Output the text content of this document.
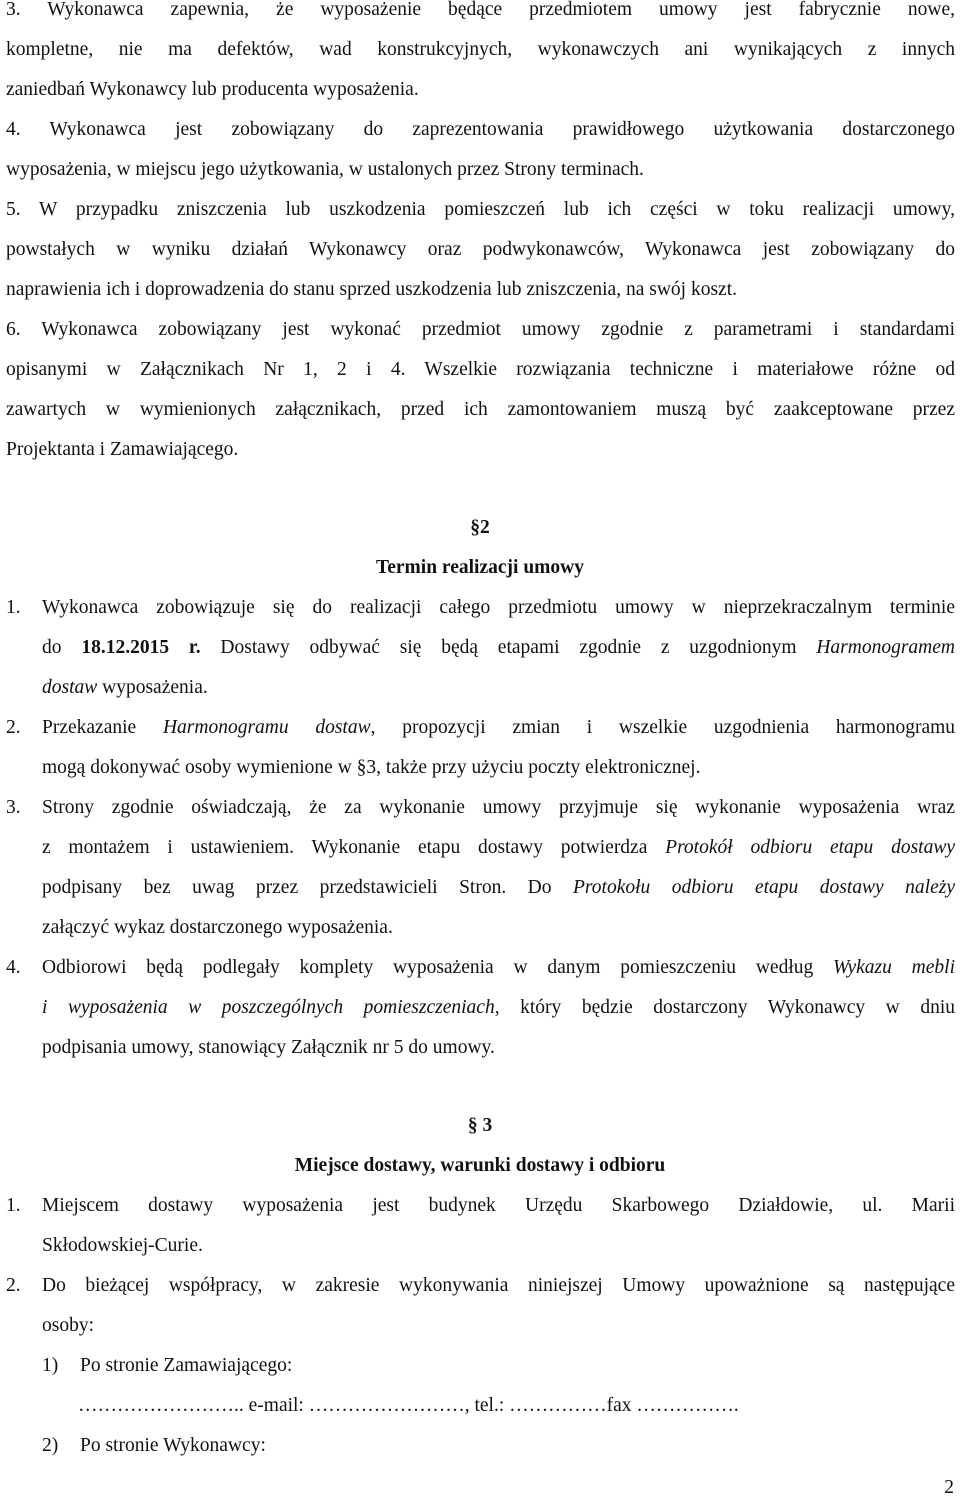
3. Wykonawca zapewnia, że wyposażenie będące przedmiotem umowy jest fabrycznie nowe,
kompletne, nie ma defektów, wad konstrukcyjnych, wykonawczych ani wynikających z innych
zaniedbań Wykonawcy lub producenta wyposażenia.
4. Wykonawca jest zobowiązany do zaprezentowania prawidłowego użytkowania dostarczonego
wyposażenia, w miejscu jego użytkowania, w ustalonych przez Strony terminach.
5. W przypadku zniszczenia lub uszkodzenia pomieszczeń lub ich części w toku realizacji umowy,
powstałych w wyniku działań Wykonawcy oraz podwykonawców, Wykonawca jest zobowiązany do
naprawienia ich i doprowadzenia do stanu sprzed uszkodzenia lub zniszczenia, na swój koszt.
6. Wykonawca zobowiązany jest wykonać przedmiot umowy zgodnie z parametrami i standardami
opisanymi w Załącznikach Nr 1, 2 i 4. Wszelkie rozwiązania techniczne i materiałowe różne od
zawartych w wymienionych załącznikach, przed ich zamontowaniem muszą być zaakceptowane przez
Projektanta i Zamawiającego.
§2
Termin realizacji umowy
1. Wykonawca zobowiązuje się do realizacji całego przedmiotu umowy w nieprzekraczalnym terminie
do 18.12.2015 r. Dostawy odbywać się będą etapami zgodnie z uzgodnionym Harmonogramem
dostaw wyposażenia.
2. Przekazanie Harmonogramu dostaw, propozycji zmian i wszelkie uzgodnienia harmonogramu
mogą dokonywać osoby wymienione w §3, także przy użyciu poczty elektronicznej.
3. Strony zgodnie oświadczają, że za wykonanie umowy przyjmuje się wykonanie wyposażenia wraz
z montażem i ustawieniem. Wykonanie etapu dostawy potwierdza Protokół odbioru etapu dostawy
podpisany bez uwag przez przedstawicieli Stron. Do Protokołu odbioru etapu dostawy należy
załączyć wykaz dostarczonego wyposażenia.
4. Odbiorowi będą podlegały komplety wyposażenia w danym pomieszczeniu według Wykazu mebli
i wyposażenia w poszczególnych pomieszczeniach, który będzie dostarczony Wykonawcy w dniu
podpisania umowy, stanowiący Załącznik nr 5 do umowy.
§ 3
Miejsce dostawy, warunki dostawy i odbioru
1. Miejscem dostawy wyposażenia jest budynek Urzędu Skarbowego Działdowie, ul. Marii
Skłodowskiej-Curie.
2. Do bieżącej współpracy, w zakresie wykonywania niniejszej Umowy upoważnione są następujące
osoby:
1) Po stronie Zamawiającego:
…………………….. e-mail: ……………………, tel.: ……………fax …………….
2) Po stronie Wykonawcy:
2
